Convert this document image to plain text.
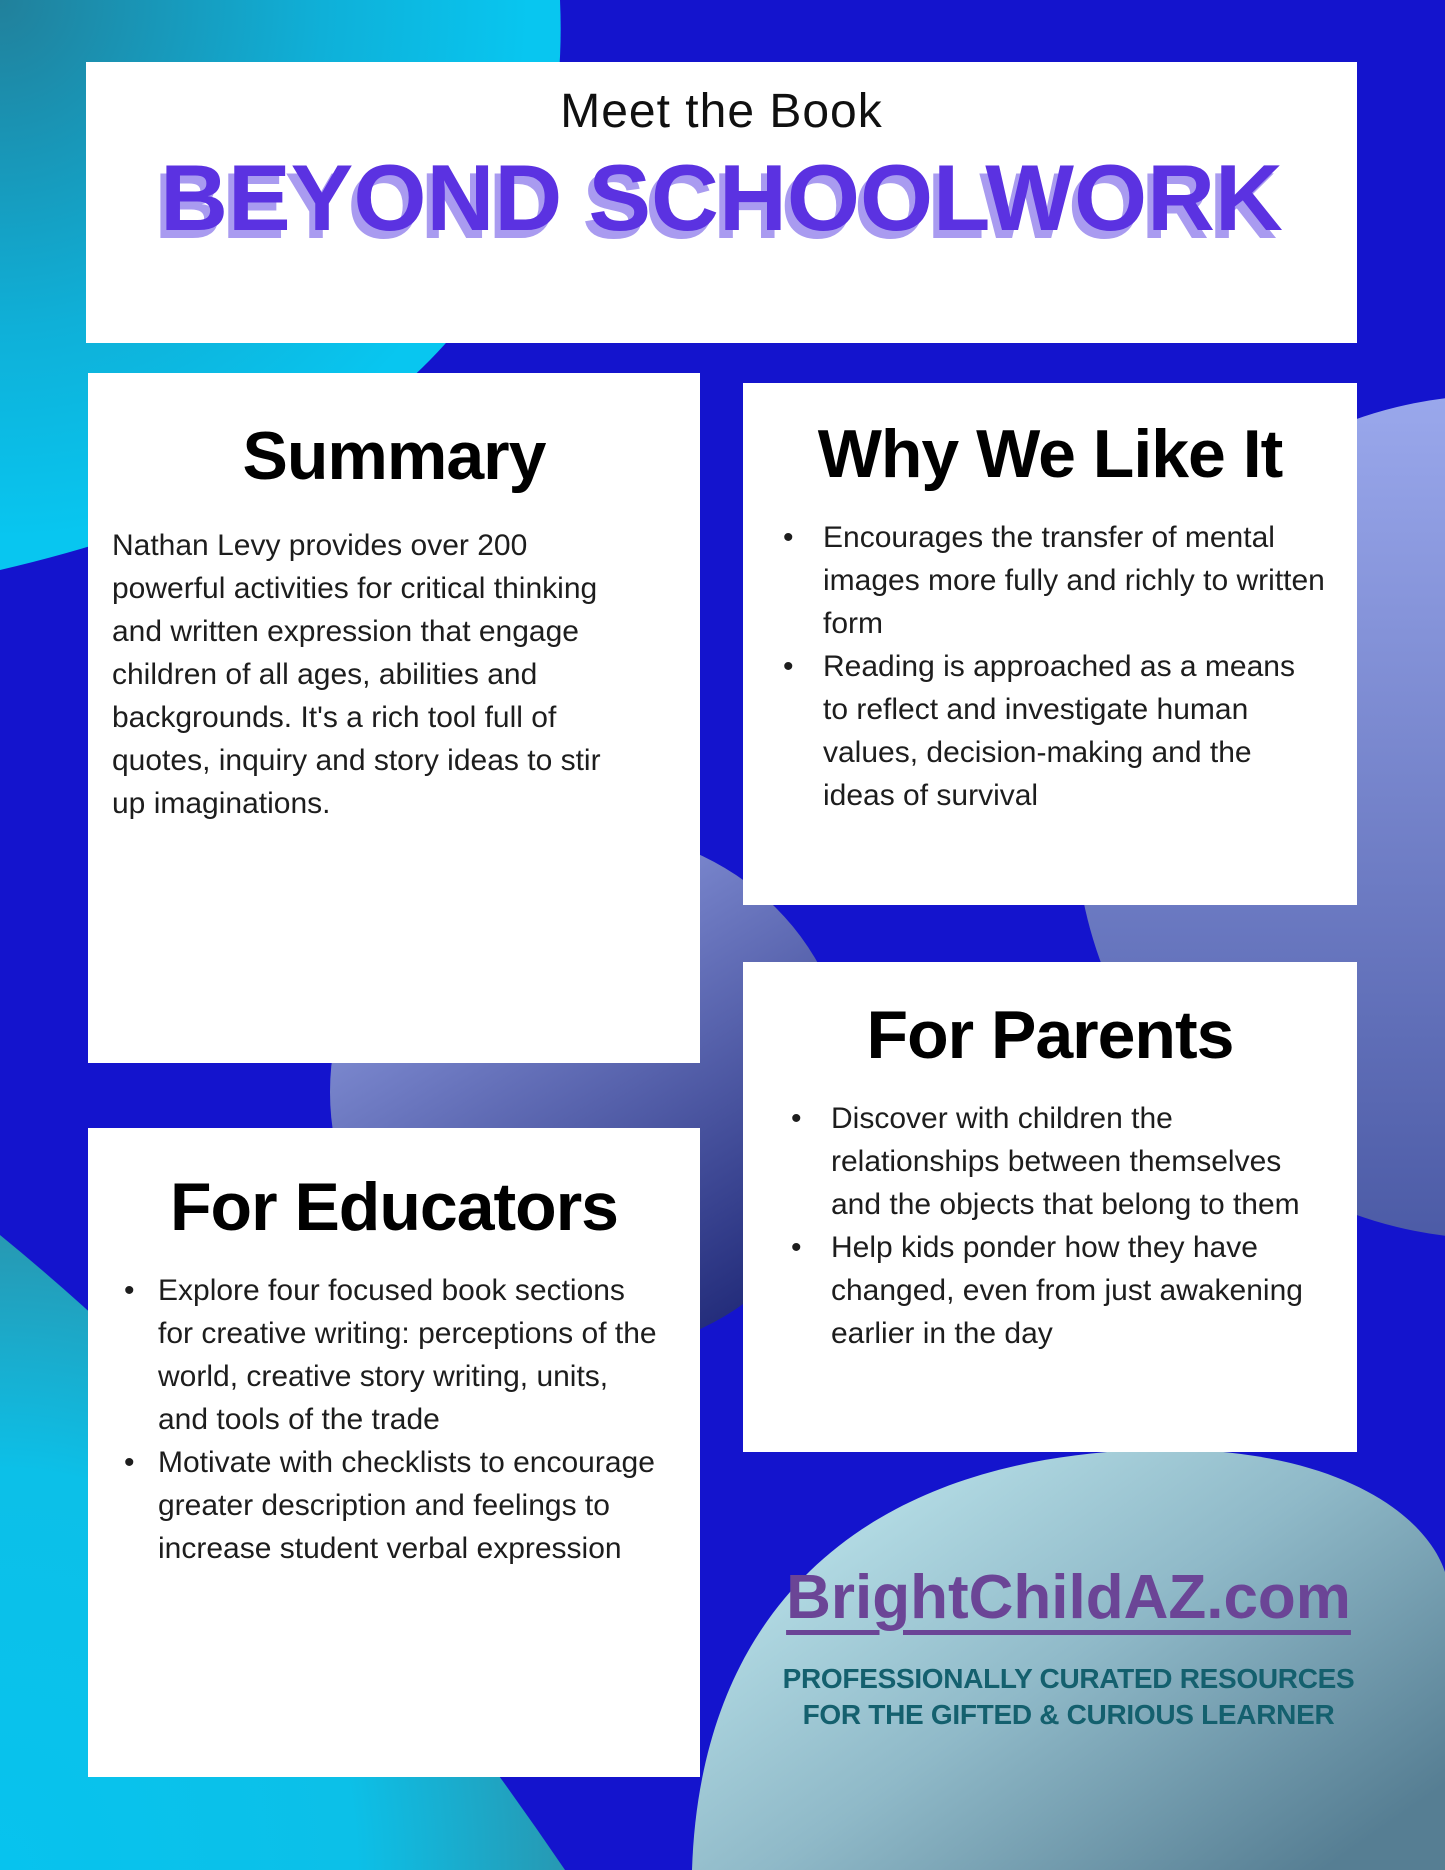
Meet the Book

BEYOND SCHOOLWORK
Summary

Nathan Levy provides over 200 powerful activities for critical thinking and written expression that engage children of all ages, abilities and backgrounds. It's a rich tool full of quotes, inquiry and story ideas to stir up imaginations.

Why We Like It
• Encourages the transfer of mental images more fully and richly to written form
• Reading is approached as a means to reflect and investigate human values, decision-making and the ideas of survival
For Parents
• Discover with children the relationships between themselves and the objects that belong to them
• Help kids ponder how they have changed, even from just awakening earlier in the day
For Educators
• Explore four focused book sections for creative writing: perceptions of the world, creative story writing, units, and tools of the trade
• Motivate with checklists to encourage greater description and feelings to increase student verbal expression
BrightChildAZ.com
PROFESSIONALLY CURATED RESOURCES
FOR THE GIFTED & CURIOUS LEARNER
